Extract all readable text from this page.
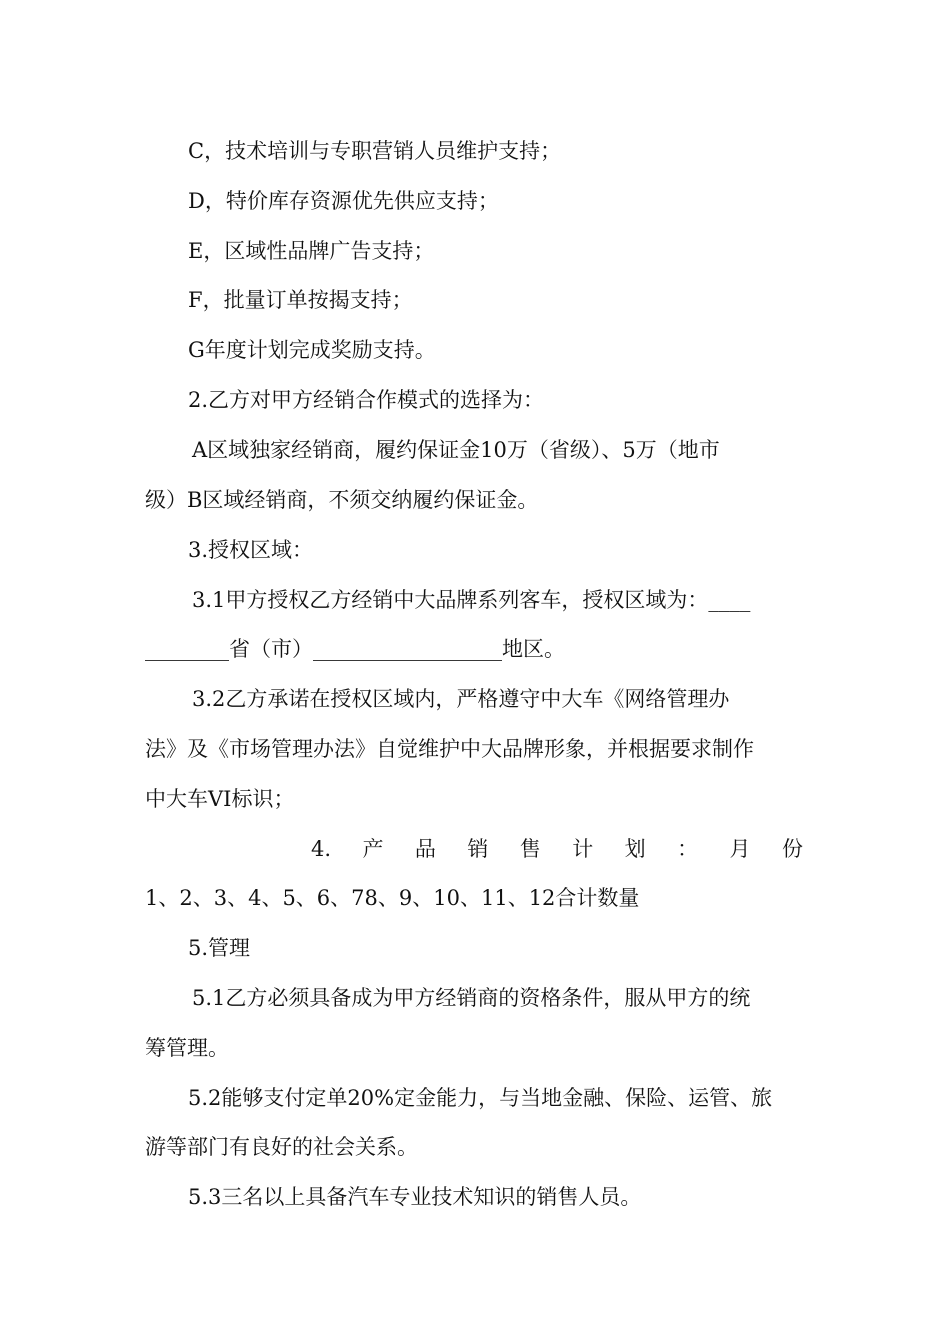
C，技术培训与专职营销人员维护支持；
D，特价库存资源优先供应支持；
E，区域性品牌广告支持；
F，批量订单按揭支持；
G年度计划完成奖励支持。
2.乙方对甲方经销合作模式的选择为：
A区域独家经销商，履约保证金10万（省级）、5万（地市
级）B区域经销商，不须交纳履约保证金。
3.授权区域：
3.1甲方授权乙方经销中大品牌系列客车，授权区域为：____
________省（市）__________________地区。
3.2乙方承诺在授权区域内，严格遵守中大车《网络管理办
法》及《市场管理办法》自觉维护中大品牌形象，并根据要求制作
中大车VI标识；
4. 产 品 销 售 计 划 ： 月 份
1、2、3、4、5、6、78、9、10、11、12合计数量
5.管理
5.1乙方必须具备成为甲方经销商的资格条件，服从甲方的统
筹管理。
5.2能够支付定单20%定金能力，与当地金融、保险、运管、旅
游等部门有良好的社会关系。
5.3三名以上具备汽车专业技术知识的销售人员。
